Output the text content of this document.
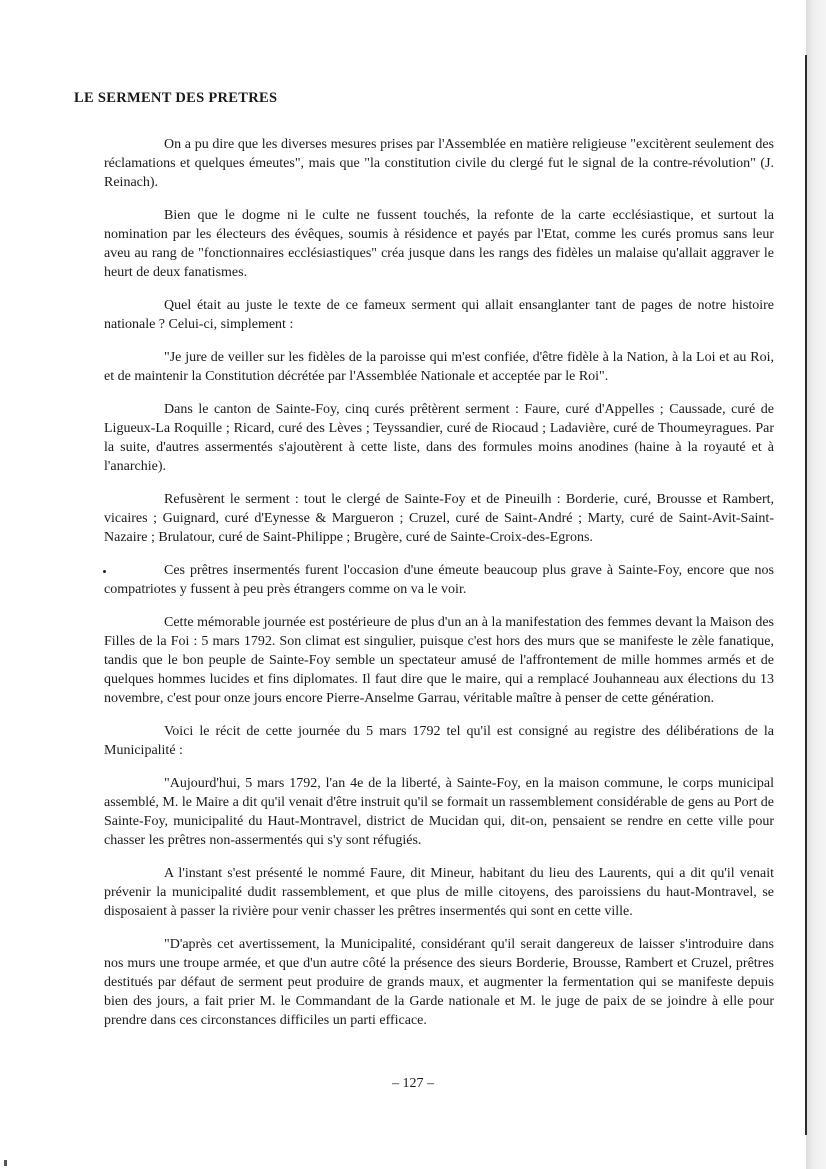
LE SERMENT DES PRETRES

On a pu dire que les diverses mesures prises par l'Assemblée en matière religieuse "excitèrent seulement des réclamations et quelques émeutes", mais que "la constitution civile du clergé fut le signal de la contre-révolution" (J. Reinach).

Bien que le dogme ni le culte ne fussent touchés, la refonte de la carte ecclésiastique, et surtout la nomination par les électeurs des évêques, soumis à résidence et payés par l'Etat, comme les curés promus sans leur aveu au rang de "fonctionnaires ecclésiastiques" créa jusque dans les rangs des fidèles un malaise qu'allait aggraver le heurt de deux fanatismes.

Quel était au juste le texte de ce fameux serment qui allait ensanglanter tant de pages de notre histoire nationale ? Celui-ci, simplement :

"Je jure de veiller sur les fidèles de la paroisse qui m'est confiée, d'être fidèle à la Nation, à la Loi et au Roi, et de maintenir la Constitution décrétée par l'Assemblée Nationale et acceptée par le Roi".

Dans le canton de Sainte-Foy, cinq curés prêtèrent serment : Faure, curé d'Appelles ; Caussade, curé de Ligueux-La Roquille ; Ricard, curé des Lèves ; Teyssandier, curé de Riocaud ; Ladavière, curé de Thoumeyragues. Par la suite, d'autres assermentés s'ajoutèrent à cette liste, dans des formules moins anodines (haine à la royauté et à l'anarchie).

Refusèrent le serment : tout le clergé de Sainte-Foy et de Pineuilh : Borderie, curé, Brousse et Rambert, vicaires ; Guignard, curé d'Eynesse & Margueron ; Cruzel, curé de Saint-André ; Marty, curé de Saint-Avit-Saint-Nazaire ; Brulatour, curé de Saint-Philippe ; Brugère, curé de Sainte-Croix-des-Egrons.

Ces prêtres insermentés furent l'occasion d'une émeute beaucoup plus grave à Sainte-Foy, encore que nos compatriotes y fussent à peu près étrangers comme on va le voir.

Cette mémorable journée est postérieure de plus d'un an à la manifestation des femmes devant la Maison des Filles de la Foi : 5 mars 1792. Son climat est singulier, puisque c'est hors des murs que se manifeste le zèle fanatique, tandis que le bon peuple de Sainte-Foy semble un spectateur amusé de l'affrontement de mille hommes armés et de quelques hommes lucides et fins diplomates. Il faut dire que le maire, qui a remplacé Jouhanneau aux élections du 13 novembre, c'est pour onze jours encore Pierre-Anselme Garrau, véritable maître à penser de cette génération.

Voici le récit de cette journée du 5 mars 1792 tel qu'il est consigné au registre des délibérations de la Municipalité :

"Aujourd'hui, 5 mars 1792, l'an 4e de la liberté, à Sainte-Foy, en la maison commune, le corps municipal assemblé, M. le Maire a dit qu'il venait d'être instruit qu'il se formait un rassemblement considérable de gens au Port de Sainte-Foy, municipalité du Haut-Montravel, district de Mucidan qui, dit-on, pensaient se rendre en cette ville pour chasser les prêtres non-assermentés qui s'y sont réfugiés.

A l'instant s'est présenté le nommé Faure, dit Mineur, habitant du lieu des Laurents, qui a dit qu'il venait prévenir la municipalité dudit rassemblement, et que plus de mille citoyens, des paroissiens du haut-Montravel, se disposaient à passer la rivière pour venir chasser les prêtres insermentés qui sont en cette ville.

"D'après cet avertissement, la Municipalité, considérant qu'il serait dangereux de laisser s'introduire dans nos murs une troupe armée, et que d'un autre côté la présence des sieurs Borderie, Brousse, Rambert et Cruzel, prêtres destitués par défaut de serment peut produire de grands maux, et augmenter la fermentation qui se manifeste depuis bien des jours, a fait prier M. le Commandant de la Garde nationale et M. le juge de paix de se joindre à elle pour prendre dans ces circonstances difficiles un parti efficace.

– 127 –
